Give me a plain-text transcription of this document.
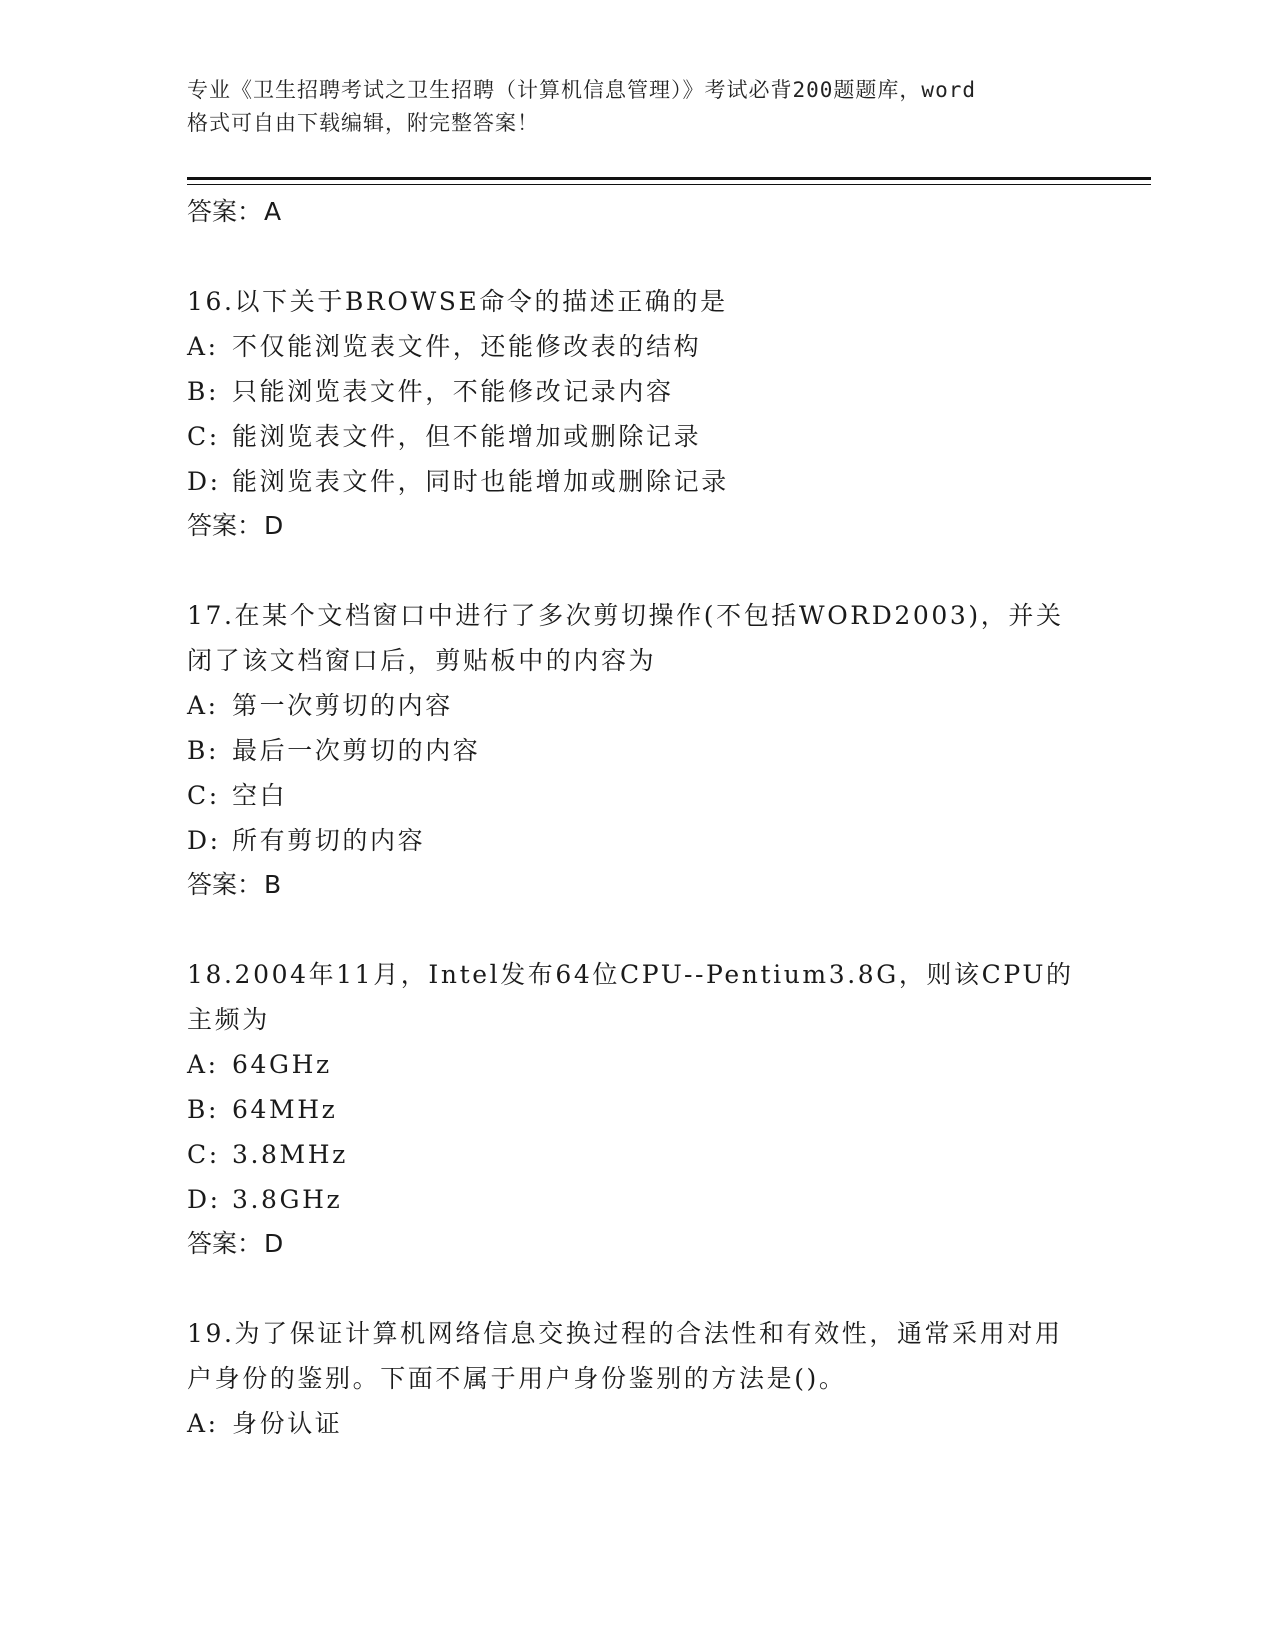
专业《卫生招聘考试之卫生招聘（计算机信息管理）》考试必背200题题库，word
格式可自由下载编辑，附完整答案！
答案：A
16.以下关于BROWSE命令的描述正确的是
A: 不仅能浏览表文件，还能修改表的结构
B: 只能浏览表文件，不能修改记录内容
C: 能浏览表文件，但不能增加或删除记录
D: 能浏览表文件，同时也能增加或删除记录
答案：D
17.在某个文档窗口中进行了多次剪切操作(不包括WORD2003)，并关闭了该文档窗口后，剪贴板中的内容为
A: 第一次剪切的内容
B: 最后一次剪切的内容
C: 空白
D: 所有剪切的内容
答案：B
18.2004年11月，Intel发布64位CPU--Pentium3.8G，则该CPU的主频为
A: 64GHz
B: 64MHz
C: 3.8MHz
D: 3.8GHz
答案：D
19.为了保证计算机网络信息交换过程的合法性和有效性，通常采用对用户身份的鉴别。下面不属于用户身份鉴别的方法是()。
A: 身份认证
